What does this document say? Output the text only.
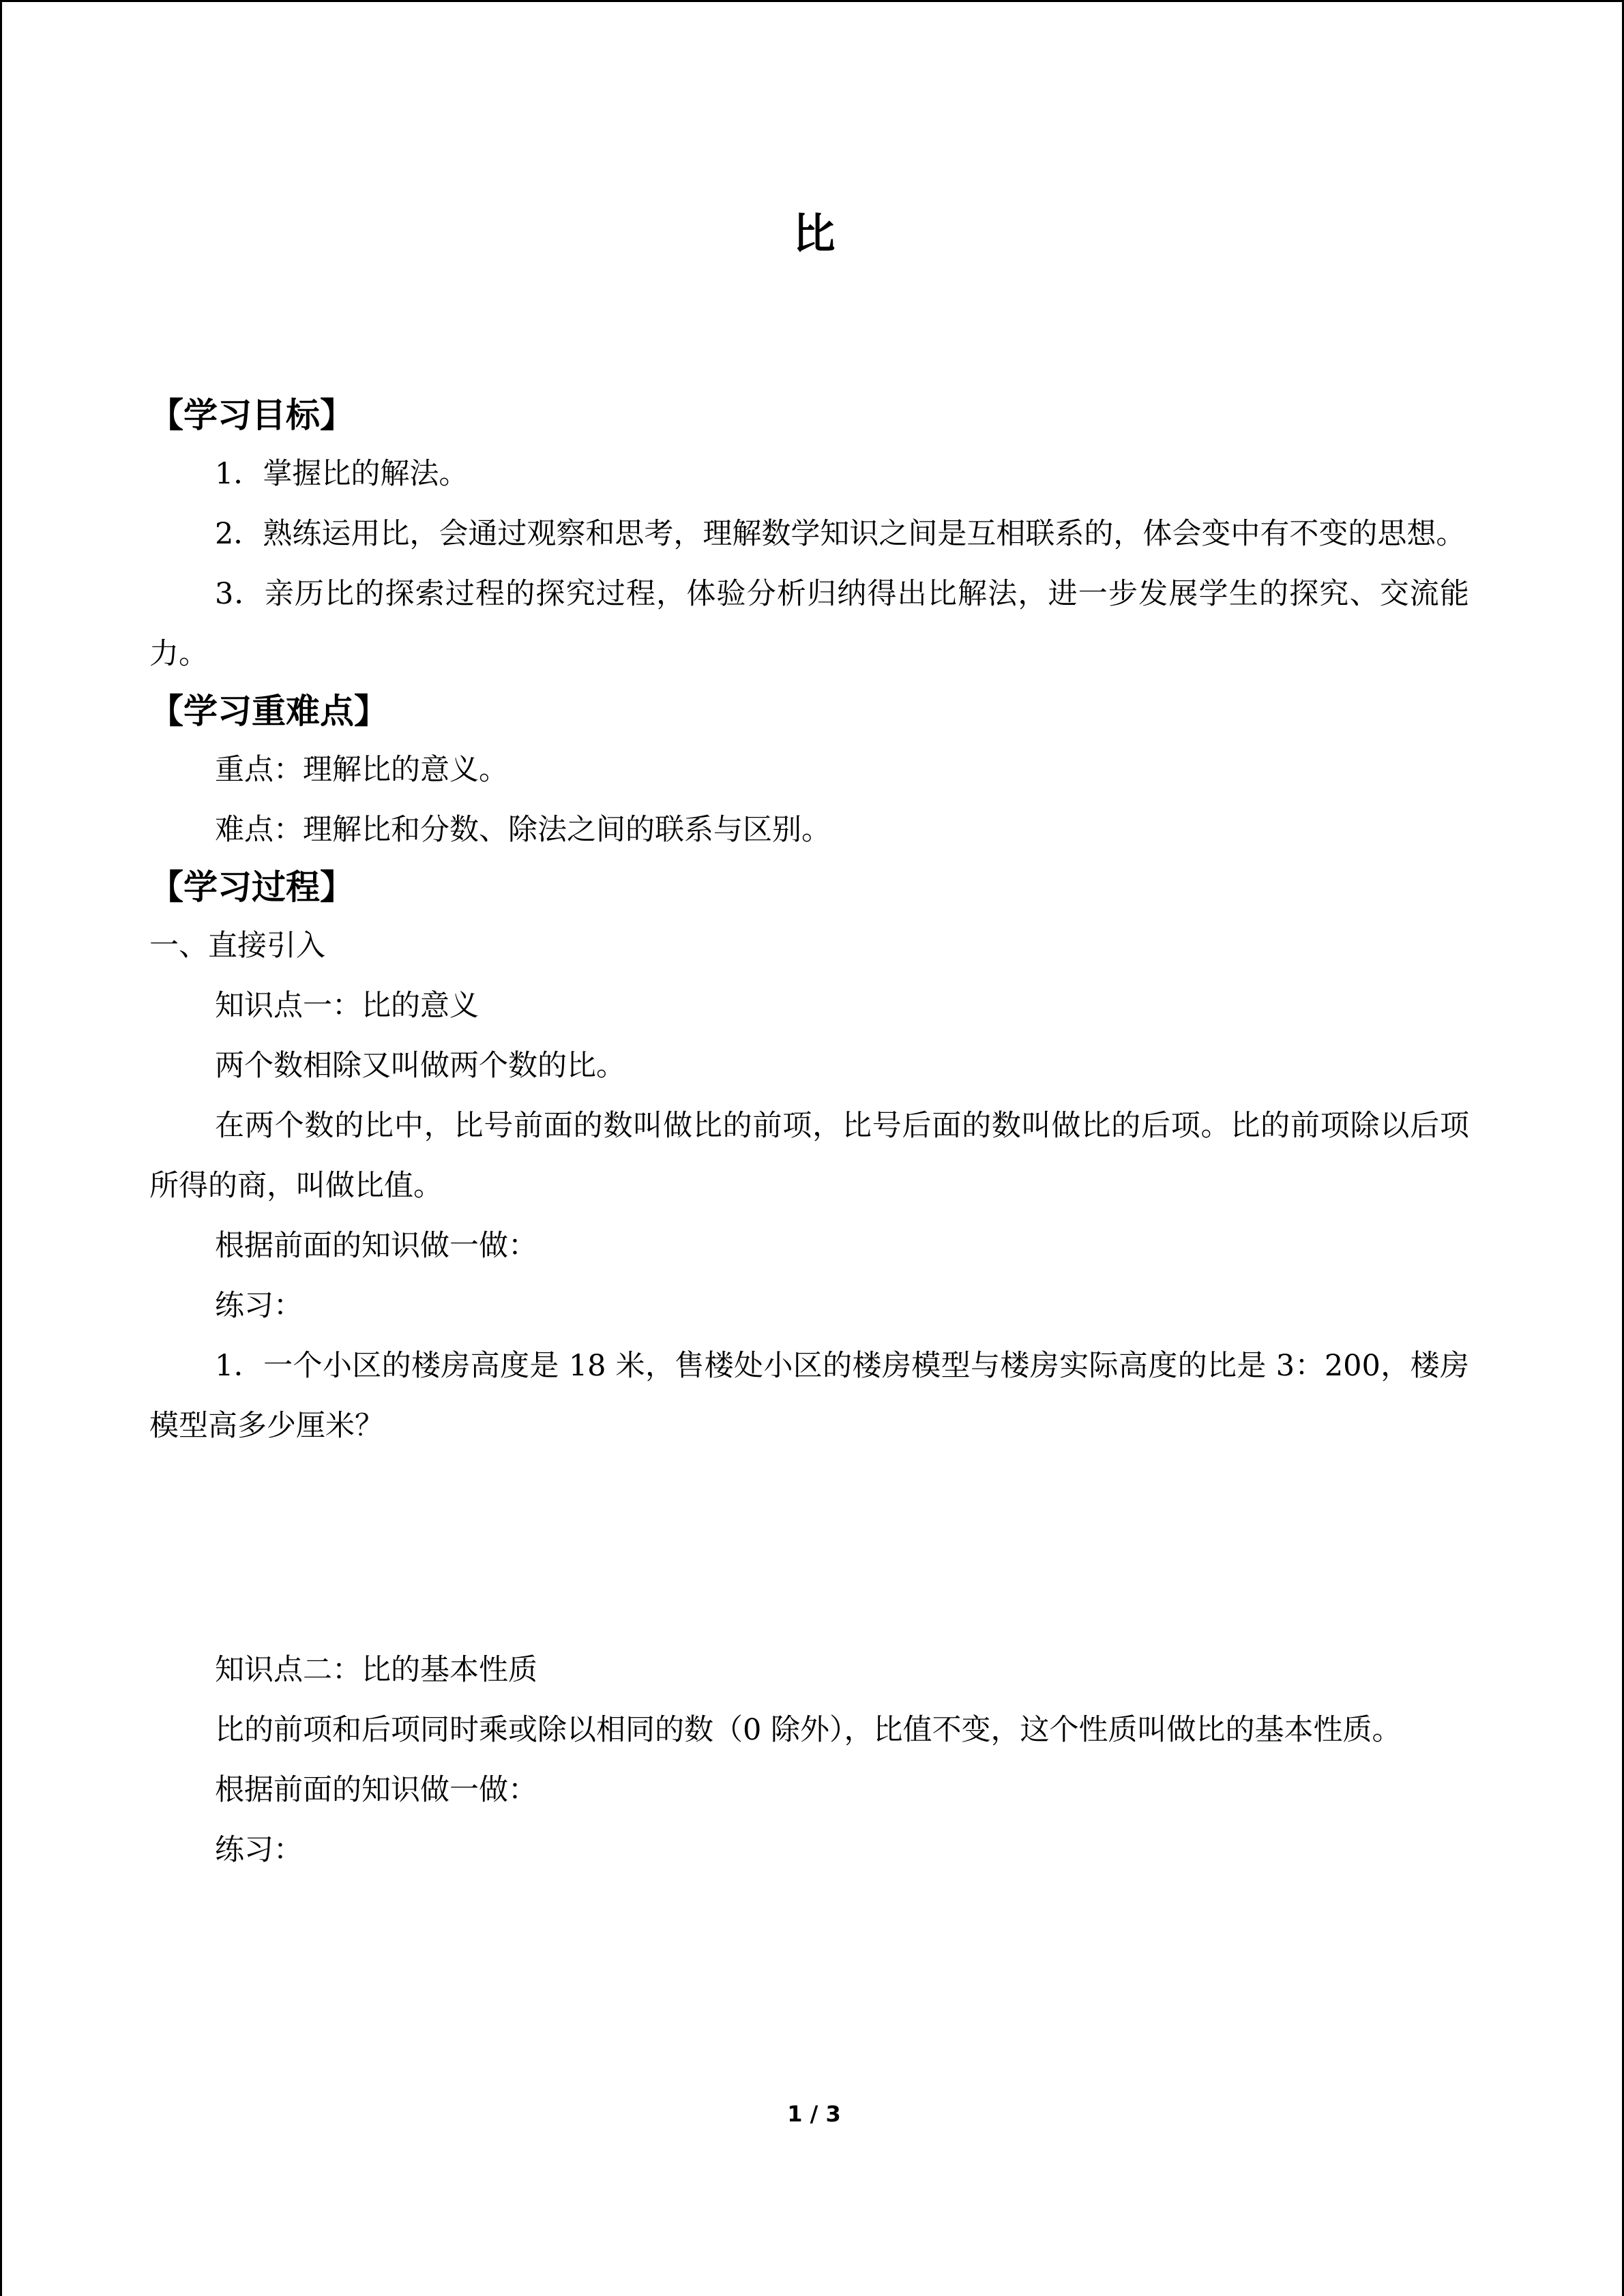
比

【学习目标】

1．掌握比的解法。

2．熟练运用比，会通过观察和思考，理解数学知识之间是互相联系的，体会变中有不变的思想。

3．亲历比的探索过程的探究过程，体验分析归纳得出比解法，进一步发展学生的探究、交流能力。

【学习重难点】

重点：理解比的意义。

难点：理解比和分数、除法之间的联系与区别。

【学习过程】

一、直接引入

知识点一：比的意义

两个数相除又叫做两个数的比。

在两个数的比中，比号前面的数叫做比的前项，比号后面的数叫做比的后项。比的前项除以后项所得的商，叫做比值。

根据前面的知识做一做：

练习：

1．一个小区的楼房高度是 18 米，售楼处小区的楼房模型与楼房实际高度的比是 3：200，楼房模型高多少厘米？

知识点二：比的基本性质

比的前项和后项同时乘或除以相同的数（0 除外），比值不变，这个性质叫做比的基本性质。

根据前面的知识做一做：

练习：

1 / 3
